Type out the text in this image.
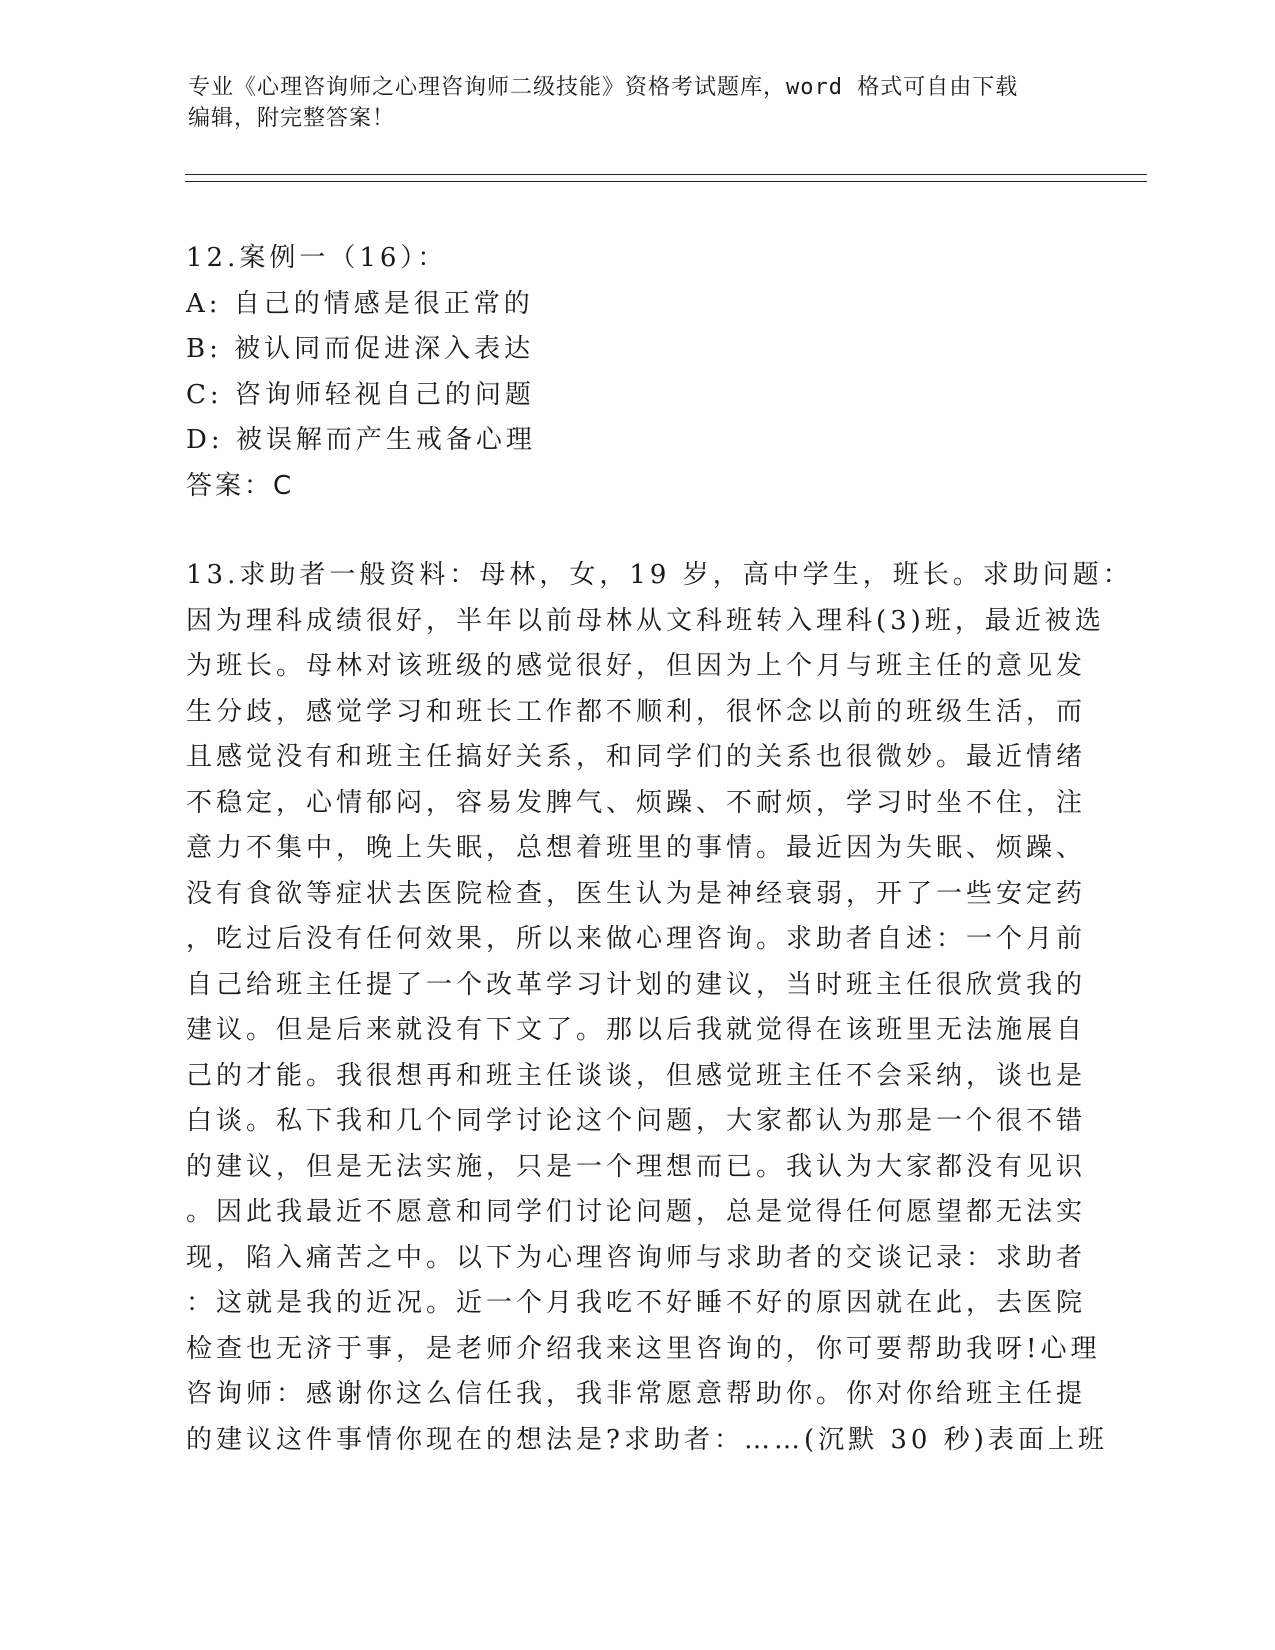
专业《心理咨询师之心理咨询师二级技能》资格考试题库，word 格式可自由下载
编辑，附完整答案！
12.案例一（16）：
A: 自己的情感是很正常的
B: 被认同而促进深入表达
C: 咨询师轻视自己的问题
D: 被误解而产生戒备心理
答案：C
13.求助者一般资料：母林，女，19 岁，高中学生，班长。求助问题：
因为理科成绩很好，半年以前母林从文科班转入理科(3)班，最近被选
为班长。母林对该班级的感觉很好，但因为上个月与班主任的意见发
生分歧，感觉学习和班长工作都不顺利，很怀念以前的班级生活，而
且感觉没有和班主任搞好关系，和同学们的关系也很微妙。最近情绪
不稳定，心情郁闷，容易发脾气、烦躁、不耐烦，学习时坐不住，注
意力不集中，晚上失眠，总想着班里的事情。最近因为失眠、烦躁、
没有食欲等症状去医院检查，医生认为是神经衰弱，开了一些安定药
，吃过后没有任何效果，所以来做心理咨询。求助者自述：一个月前
自己给班主任提了一个改革学习计划的建议，当时班主任很欣赏我的
建议。但是后来就没有下文了。那以后我就觉得在该班里无法施展自
己的才能。我很想再和班主任谈谈，但感觉班主任不会采纳，谈也是
白谈。私下我和几个同学讨论这个问题，大家都认为那是一个很不错
的建议，但是无法实施，只是一个理想而已。我认为大家都没有见识
。因此我最近不愿意和同学们讨论问题，总是觉得任何愿望都无法实
现，陷入痛苦之中。以下为心理咨询师与求助者的交谈记录：求助者
：这就是我的近况。近一个月我吃不好睡不好的原因就在此，去医院
检查也无济于事，是老师介绍我来这里咨询的，你可要帮助我呀!心理
咨询师：感谢你这么信任我，我非常愿意帮助你。你对你给班主任提
的建议这件事情你现在的想法是?求助者：……(沉默 30 秒)表面上班
